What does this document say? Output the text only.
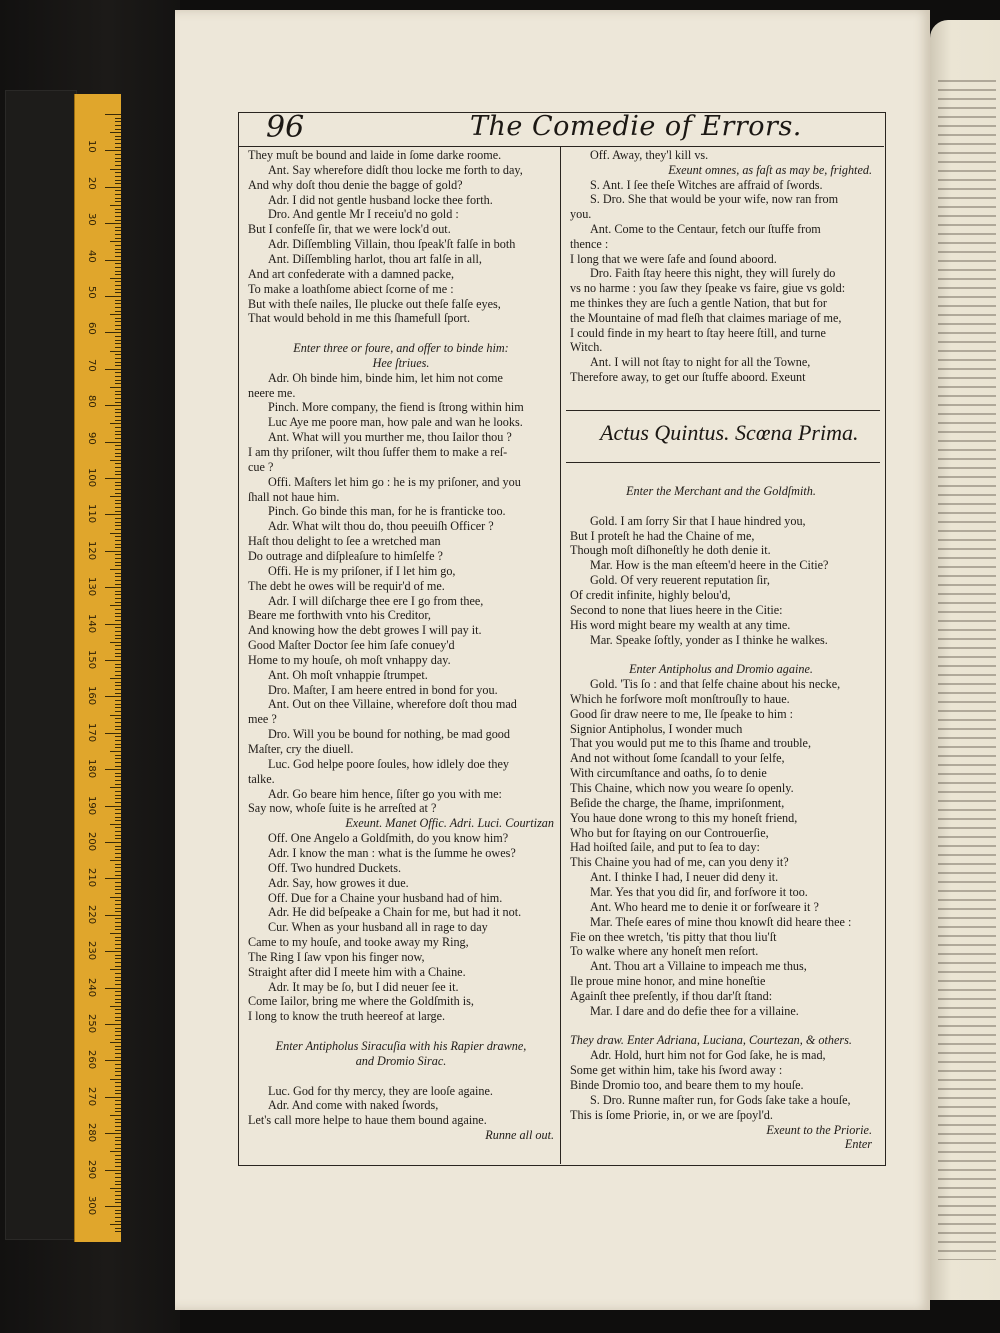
10
20
30
40
50
60
70
80
90
100
110
120
130
140
150
160
170
180
190
200
210
220
230
240
250
260
270
280
290
300
96	The Comedie of Errors.
Actus Quintus. Scœna Prima.
They muſt be bound and laide in ſome darke roome.
Ant. Say wherefore didſt thou locke me forth to day,
And why doſt thou denie the bagge of gold?
Adr. I did not gentle husband locke thee forth.
Dro. And gentle Mr I receiu'd no gold :
But I confeſſe ſir, that we were lock'd out.
Adr. Diſſembling Villain, thou ſpeak'ſt falſe in both
Ant. Diſſembling harlot, thou art falſe in all,
And art confederate with a damned packe,
To make a loathſome abiect ſcorne of me :
But with theſe nailes, Ile plucke out theſe falſe eyes,
That would behold in me this ſhamefull ſport.
Enter three or foure, and offer to binde him:
Hee ſtriues.
Adr. Oh binde him, binde him, let him not come
neere me.
Pinch. More company, the fiend is ſtrong within him
Luc Aye me poore man, how pale and wan he looks.
Ant. What will you murther me, thou Iailor thou ?
I am thy priſoner, wilt thou ſuffer them to make a reſ-
cue ?
Offi. Maſters let him go : he is my priſoner, and you
ſhall not haue him.
Pinch. Go binde this man, for he is franticke too.
Adr. What wilt thou do, thou peeuiſh Officer ?
Haſt thou delight to ſee a wretched man
Do outrage and diſpleaſure to himſelfe ?
Offi. He is my priſoner, if I let him go,
The debt he owes will be requir'd of me.
Adr. I will diſcharge thee ere I go from thee,
Beare me forthwith vnto his Creditor,
And knowing how the debt growes I will pay it.
Good Maſter Doctor ſee him ſafe conuey'd
Home to my houſe, oh moſt vnhappy day.
Ant. Oh moſt vnhappie ſtrumpet.
Dro. Maſter, I am heere entred in bond for you.
Ant. Out on thee Villaine, wherefore doſt thou mad
mee ?
Dro. Will you be bound for nothing, be mad good
Maſter, cry the diuell.
Luc. God helpe poore ſoules, how idlely doe they
talke.
Adr. Go beare him hence, ſiſter go you with me:
Say now, whoſe ſuite is he arreſted at ?
Exeunt. Manet Offic. Adri. Luci. Courtizan
Off. One Angelo a Goldſmith, do you know him?
Adr. I know the man : what is the ſumme he owes?
Off. Two hundred Duckets.
Adr. Say, how growes it due.
Off. Due for a Chaine your husband had of him.
Adr. He did beſpeake a Chain for me, but had it not.
Cur. When as your husband all in rage to day
Came to my houſe, and tooke away my Ring,
The Ring I ſaw vpon his finger now,
Straight after did I meete him with a Chaine.
Adr. It may be ſo, but I did neuer ſee it.
Come Iailor, bring me where the Goldſmith is,
I long to know the truth heereof at large.
Enter Antipholus Siracuſia with his Rapier drawne,
and Dromio Sirac.
Luc. God for thy mercy, they are looſe againe.
Adr. And come with naked ſwords,
Let's call more helpe to haue them bound againe.
Runne all out.
Off. Away, they'l kill vs.
Exeunt omnes, as faſt as may be, frighted.
S. Ant. I ſee theſe Witches are affraid of ſwords.
S. Dro. She that would be your wife, now ran from
you.
Ant. Come to the Centaur, fetch our ſtuffe from
thence :
I long that we were ſafe and ſound aboord.
Dro. Faith ſtay heere this night, they will ſurely do
vs no harme : you ſaw they ſpeake vs faire, giue vs gold:
me thinkes they are ſuch a gentle Nation, that but for
the Mountaine of mad fleſh that claimes mariage of me,
I could finde in my heart to ſtay heere ſtill, and turne
Witch.
Ant. I will not ſtay to night for all the Towne,
Therefore away, to get our ſtuffe aboord. Exeunt
Enter the Merchant and the Goldſmith.
Gold. I am ſorry Sir that I haue hindred you,
But I proteſt he had the Chaine of me,
Though moſt diſhoneſtly he doth denie it.
Mar. How is the man eſteem'd heere in the Citie?
Gold. Of very reuerent reputation ſir,
Of credit infinite, highly belou'd,
Second to none that liues heere in the Citie:
His word might beare my wealth at any time.
Mar. Speake ſoftly, yonder as I thinke he walkes.
Enter Antipholus and Dromio againe.
Gold. 'Tis ſo : and that ſelfe chaine about his necke,
Which he forſwore moſt monſtrouſly to haue.
Good ſir draw neere to me, Ile ſpeake to him :
Signior Antipholus, I wonder much
That you would put me to this ſhame and trouble,
And not without ſome ſcandall to your ſelfe,
With circumſtance and oaths, ſo to denie
This Chaine, which now you weare ſo openly.
Beſide the charge, the ſhame, impriſonment,
You haue done wrong to this my honeſt friend,
Who but for ſtaying on our Controuerſie,
Had hoiſted ſaile, and put to ſea to day:
This Chaine you had of me, can you deny it?
Ant. I thinke I had, I neuer did deny it.
Mar. Yes that you did ſir, and forſwore it too.
Ant. Who heard me to denie it or forſweare it ?
Mar. Theſe eares of mine thou knowſt did heare thee :
Fie on thee wretch, 'tis pitty that thou liu'ſt
To walke where any honeſt men reſort.
Ant. Thou art a Villaine to impeach me thus,
Ile proue mine honor, and mine honeſtie
Againſt thee preſently, if thou dar'ſt ſtand:
Mar. I dare and do defie thee for a villaine.
They draw. Enter Adriana, Luciana, Courtezan, & others.
Adr. Hold, hurt him not for God ſake, he is mad,
Some get within him, take his ſword away :
Binde Dromio too, and beare them to my houſe.
S. Dro. Runne maſter run, for Gods ſake take a houſe,
This is ſome Priorie, in, or we are ſpoyl'd.
Exeunt to the Priorie.
Enter
